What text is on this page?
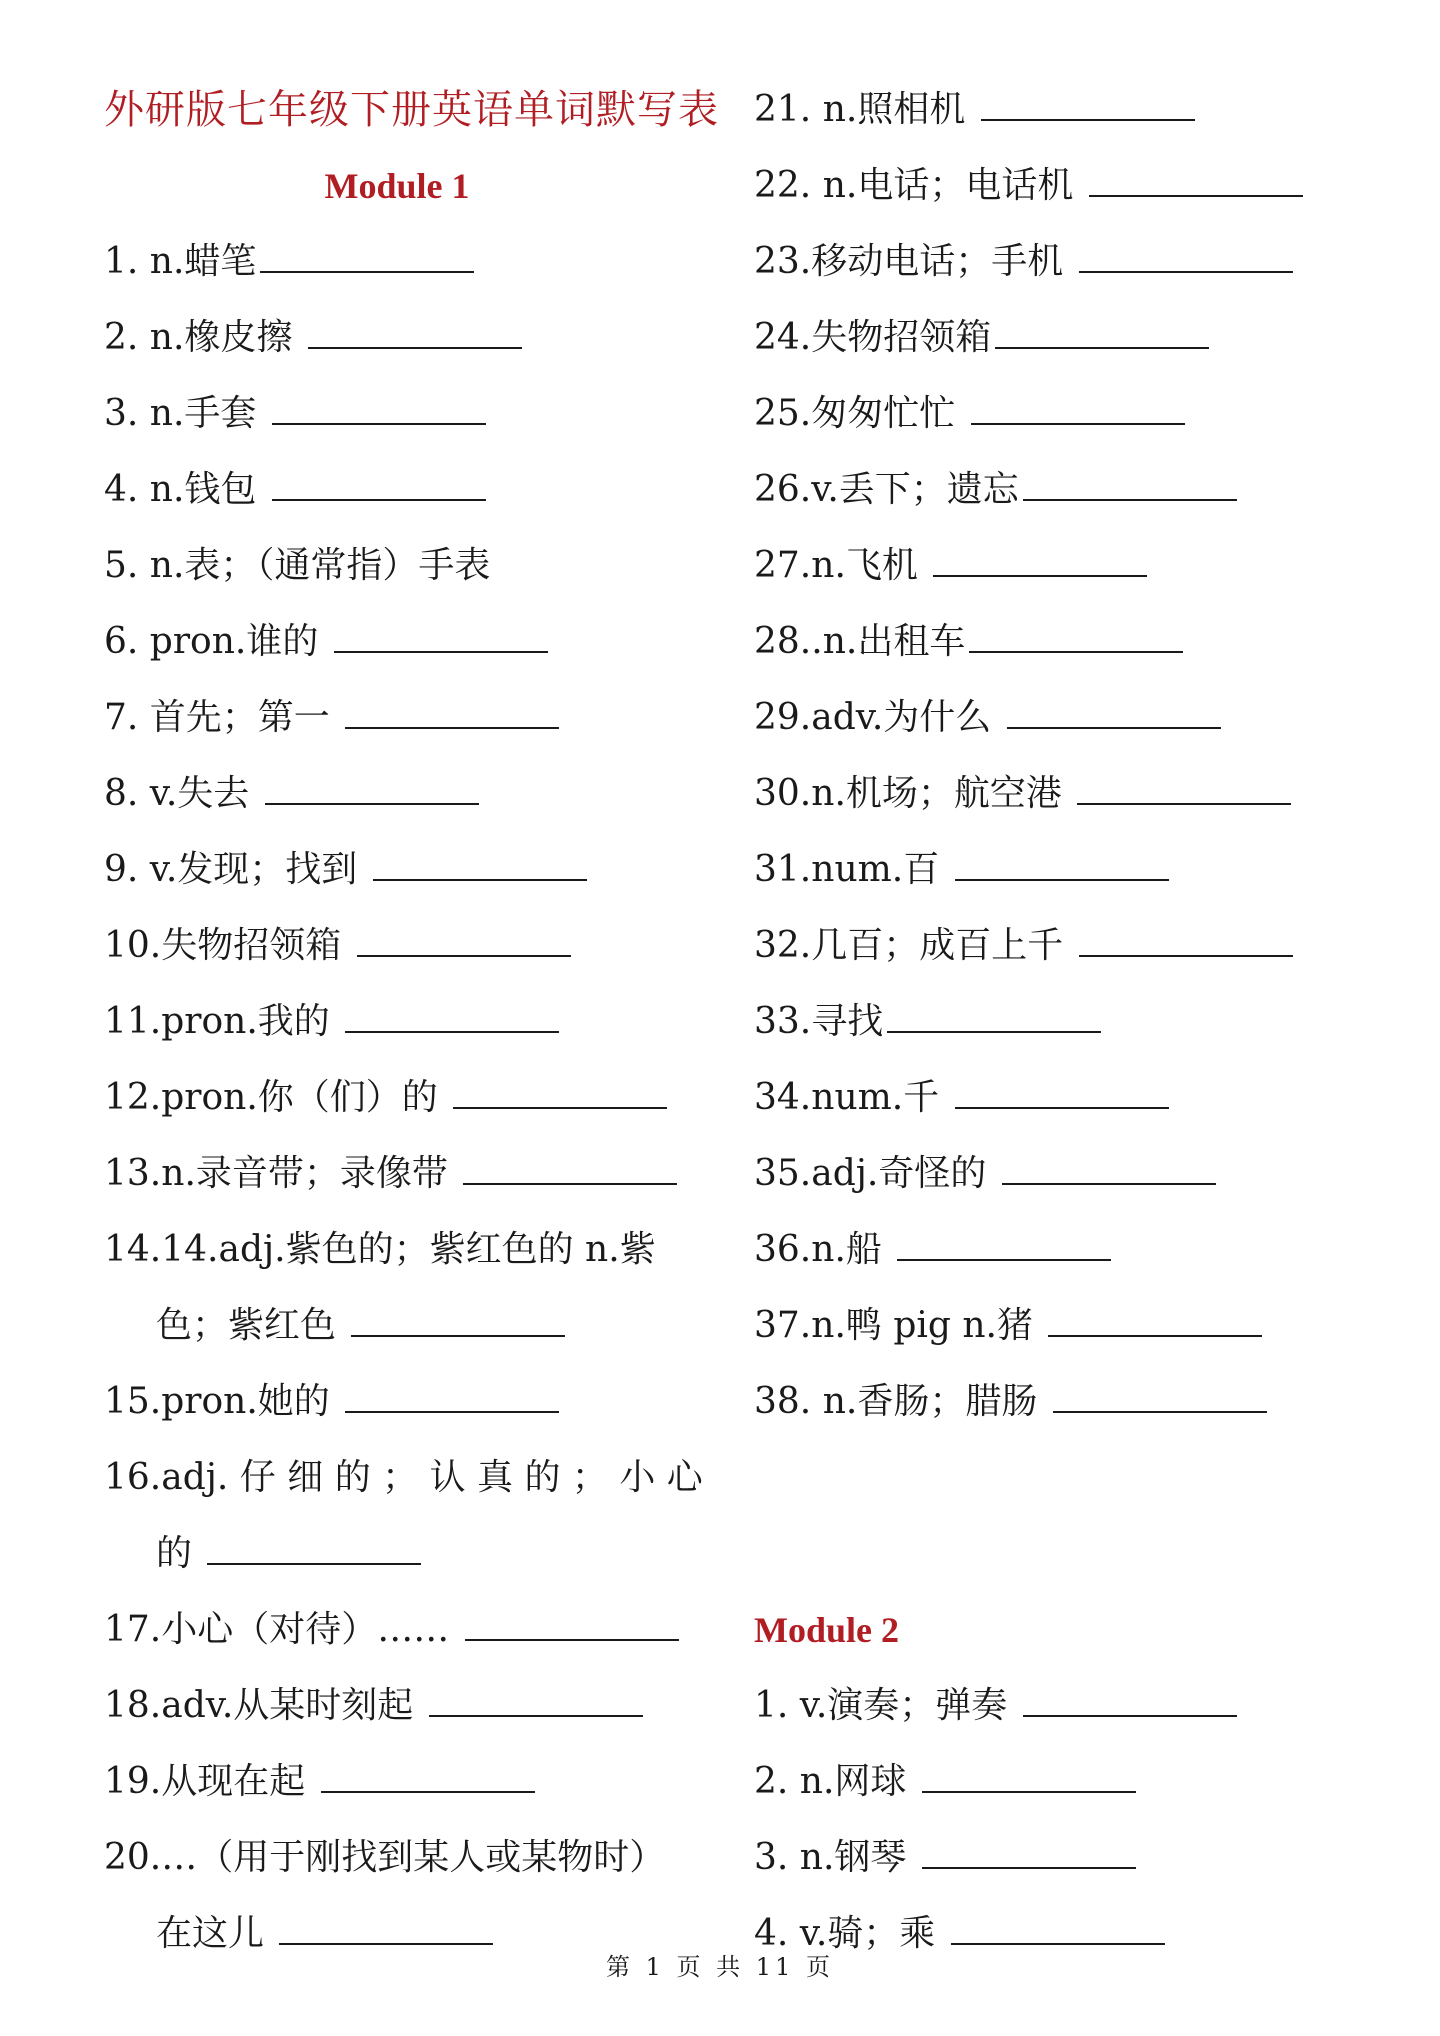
外研版七年级下册英语单词默写表
Module 1
1. n.蜡笔
2. n.橡皮擦
3. n.手套
4. n.钱包
5. n.表；（通常指）手表
6. pron.谁的
7. 首先；第一
8. v.失去
9. v.发现；找到
10.失物招领箱
11.pron.我的
12.pron.你（们）的
13.n.录音带；录像带
14.14.adj.紫色的；紫红色的 n.紫
色；紫红色
15.pron.她的
16.adj. 仔 细 的 ； 认 真 的 ； 小 心
的
17.小心（对待）……
18.adv.从某时刻起
19.从现在起
20.…（用于刚找到某人或某物时）
在这儿
21. n.照相机
22. n.电话；电话机
23.移动电话；手机
24.失物招领箱
25.匆匆忙忙
26.v.丢下；遗忘
27.n.飞机
28..n.出租车
29.adv.为什么
30.n.机场；航空港
31.num.百
32.几百；成百上千
33.寻找
34.num.千
35.adj.奇怪的
36.n.船
37.n.鸭 pig n.猪
38. n.香肠；腊肠
Module 2
1. v.演奏；弹奏
2. n.网球
3. n.钢琴
4. v.骑；乘
第 1 页 共 11 页
